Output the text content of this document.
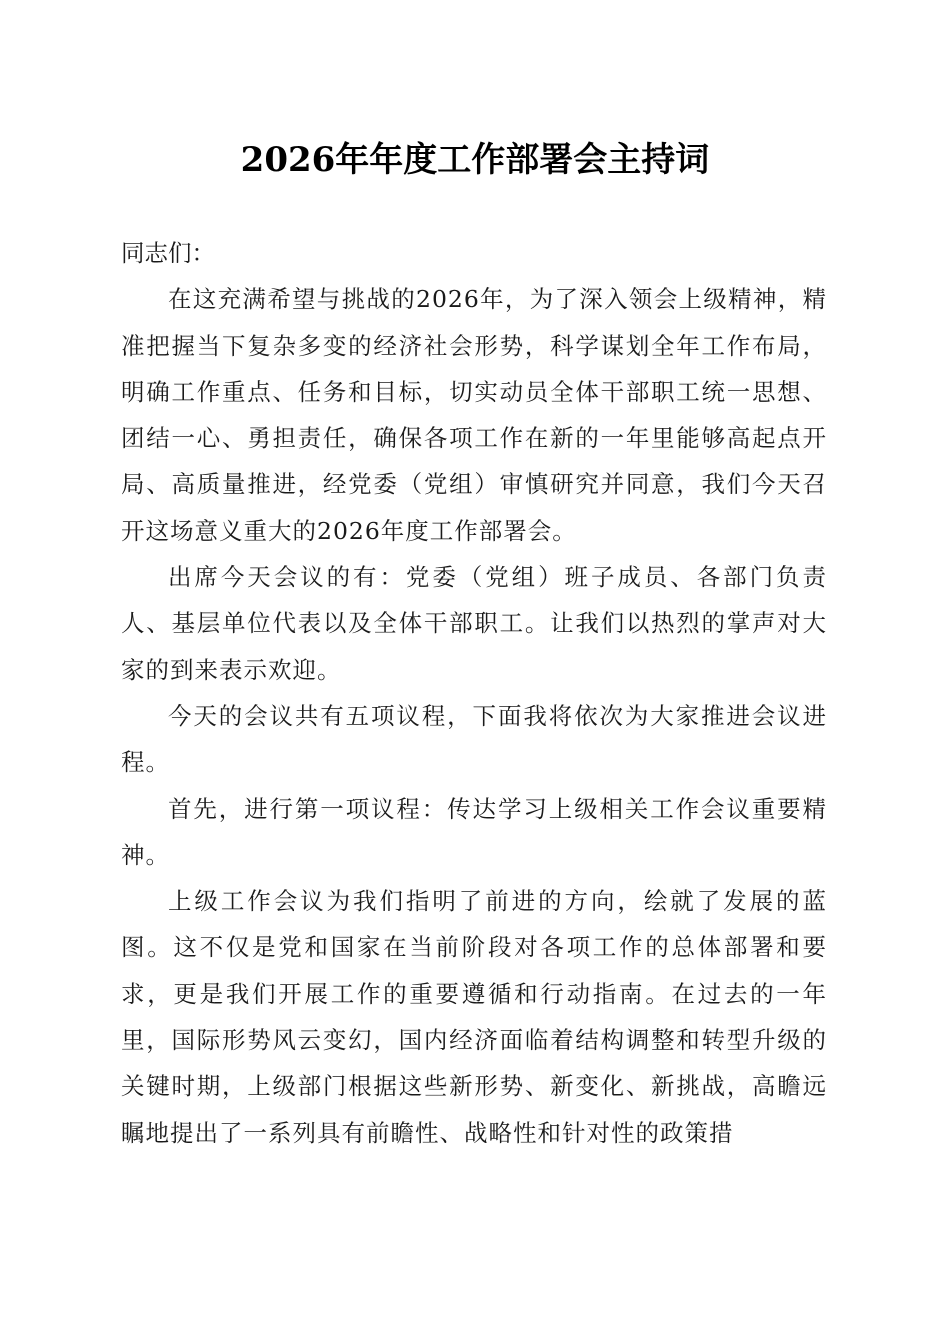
2026年年度工作部署会主持词

同志们：

在这充满希望与挑战的2026年，为了深入领会上级精神，精准把握当下复杂多变的经济社会形势，科学谋划全年工作布局，明确工作重点、任务和目标，切实动员全体干部职工统一思想、团结一心、勇担责任，确保各项工作在新的一年里能够高起点开局、高质量推进，经党委（党组）审慎研究并同意，我们今天召开这场意义重大的2026年度工作部署会。

出席今天会议的有：党委（党组）班子成员、各部门负责人、基层单位代表以及全体干部职工。让我们以热烈的掌声对大家的到来表示欢迎。

今天的会议共有五项议程，下面我将依次为大家推进会议进程。

首先，进行第一项议程：传达学习上级相关工作会议重要精神。

上级工作会议为我们指明了前进的方向，绘就了发展的蓝图。这不仅是党和国家在当前阶段对各项工作的总体部署和要求，更是我们开展工作的重要遵循和行动指南。在过去的一年里，国际形势风云变幻，国内经济面临着结构调整和转型升级的关键时期，上级部门根据这些新形势、新变化、新挑战，高瞻远瞩地提出了一系列具有前瞻性、战略性和针对性的政策措
